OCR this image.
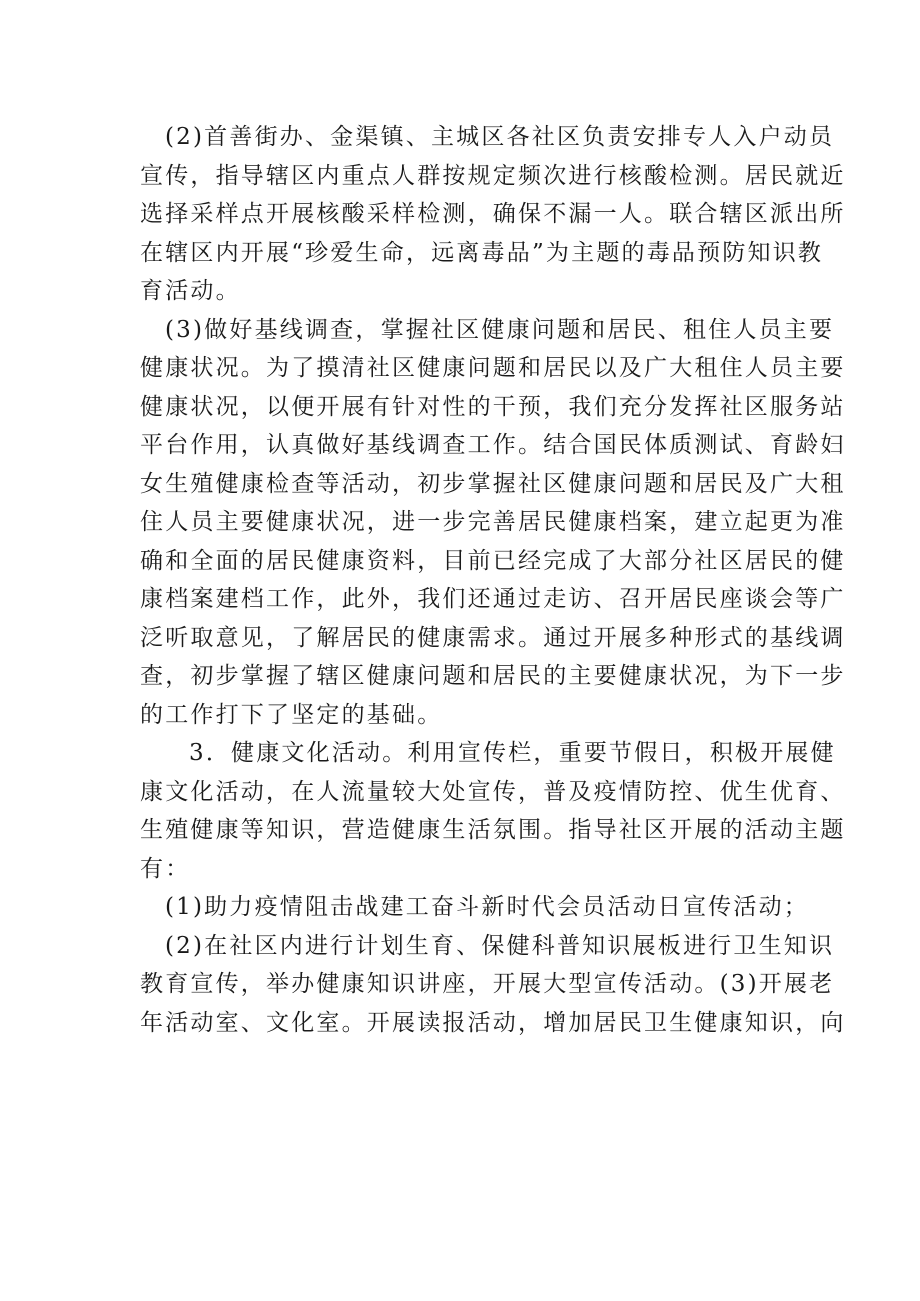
(2)首善街办、金渠镇、主城区各社区负责安排专人入户动员
宣传，指导辖区内重点人群按规定频次进行核酸检测。居民就近
选择采样点开展核酸采样检测，确保不漏一人。联合辖区派出所
在辖区内开展“珍爱生命，远离毒品”为主题的毒品预防知识教
育活动。
(3)做好基线调查，掌握社区健康问题和居民、租住人员主要
健康状况。为了摸清社区健康问题和居民以及广大租住人员主要
健康状况，以便开展有针对性的干预，我们充分发挥社区服务站
平台作用，认真做好基线调查工作。结合国民体质测试、育龄妇
女生殖健康检查等活动，初步掌握社区健康问题和居民及广大租
住人员主要健康状况，进一步完善居民健康档案，建立起更为准
确和全面的居民健康资料，目前已经完成了大部分社区居民的健
康档案建档工作，此外，我们还通过走访、召开居民座谈会等广
泛听取意见，了解居民的健康需求。通过开展多种形式的基线调
查，初步掌握了辖区健康问题和居民的主要健康状况，为下一步
的工作打下了坚定的基础。
3．健康文化活动。利用宣传栏，重要节假日，积极开展健
康文化活动，在人流量较大处宣传，普及疫情防控、优生优育、
生殖健康等知识，营造健康生活氛围。指导社区开展的活动主题
有：
(1)助力疫情阻击战建工奋斗新时代会员活动日宣传活动；
(2)在社区内进行计划生育、保健科普知识展板进行卫生知识
教育宣传，举办健康知识讲座，开展大型宣传活动。(3)开展老
年活动室、文化室。开展读报活动，增加居民卫生健康知识，向
